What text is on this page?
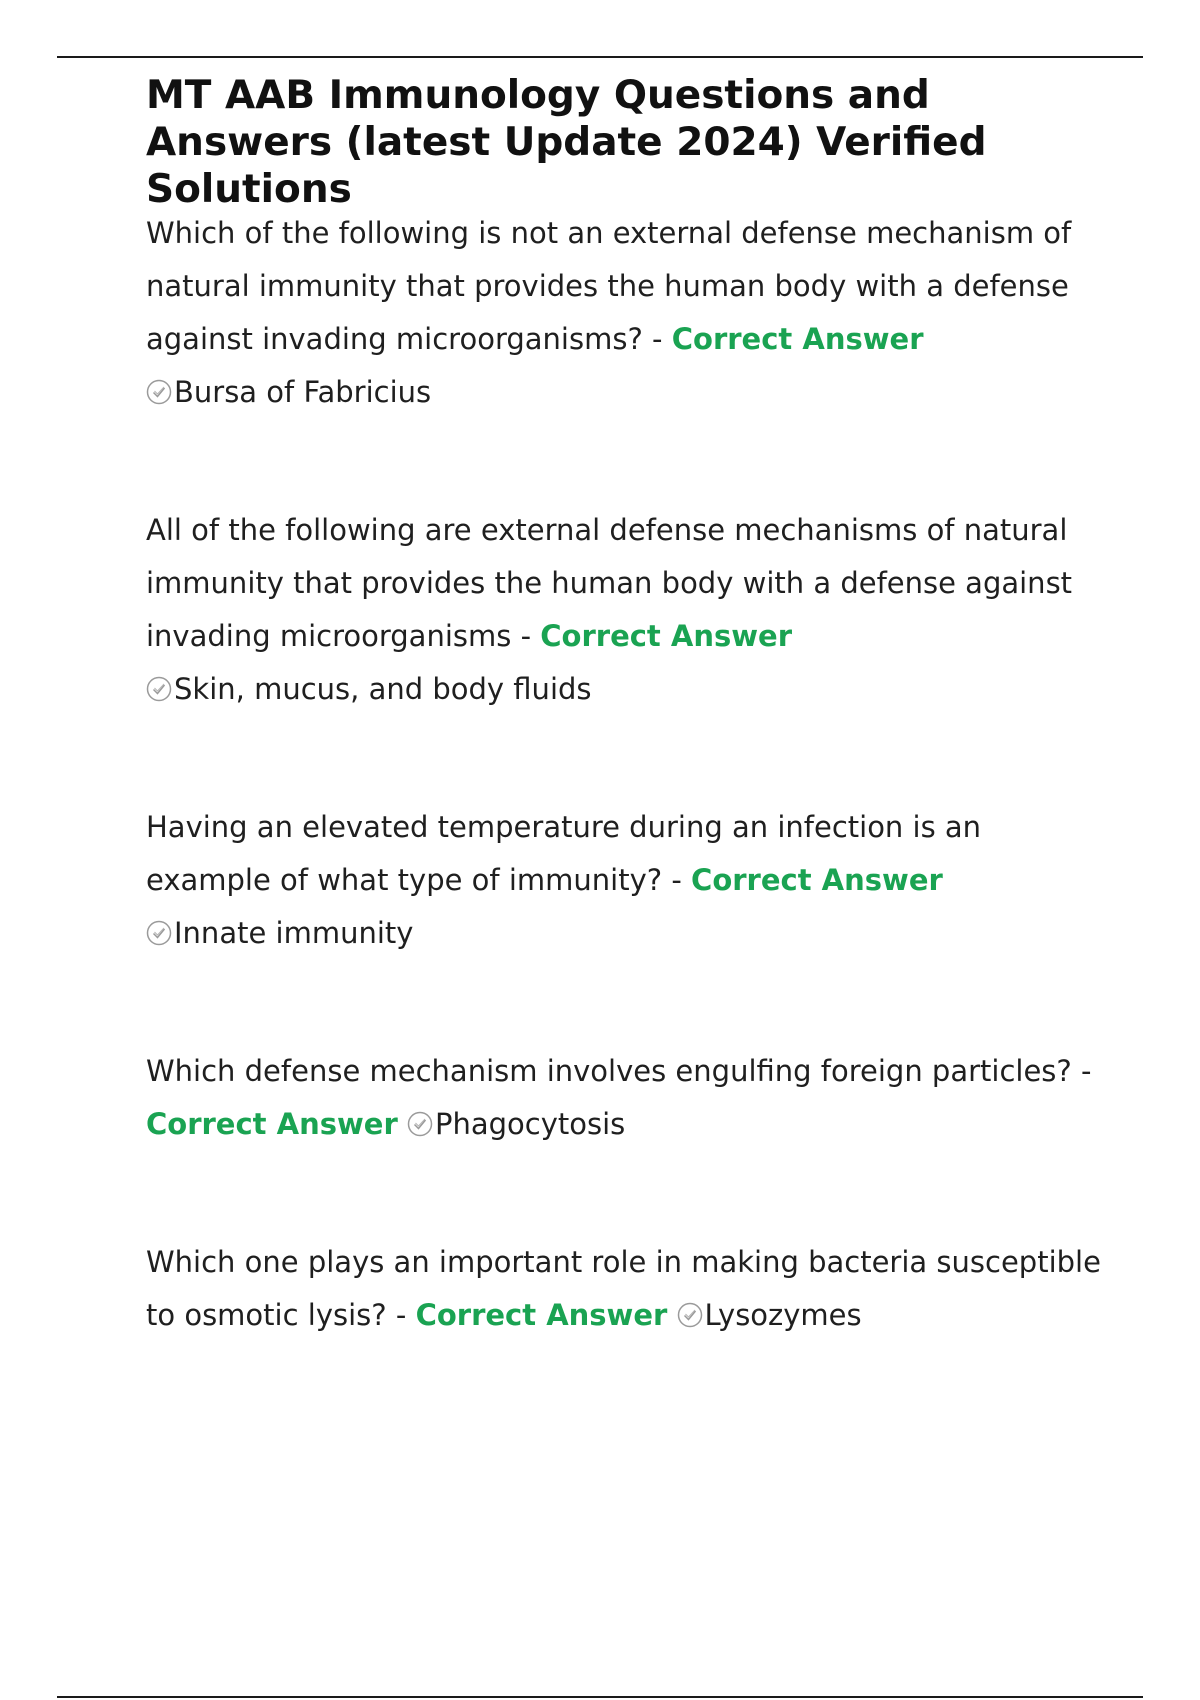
MT AAB Immunology Questions and Answers (latest Update 2024) Verified Solutions

Which of the following is not an external defense mechanism of natural immunity that provides the human body with a defense against invading microorganisms? - Correct Answer
Bursa of Fabricius

All of the following are external defense mechanisms of natural immunity that provides the human body with a defense against invading microorganisms - Correct Answer
Skin, mucus, and body fluids

Having an elevated temperature during an infection is an example of what type of immunity? - Correct Answer
Innate immunity

Which defense mechanism involves engulfing foreign particles? - Correct Answer Phagocytosis

Which one plays an important role in making bacteria susceptible to osmotic lysis? - Correct Answer Lysozymes
